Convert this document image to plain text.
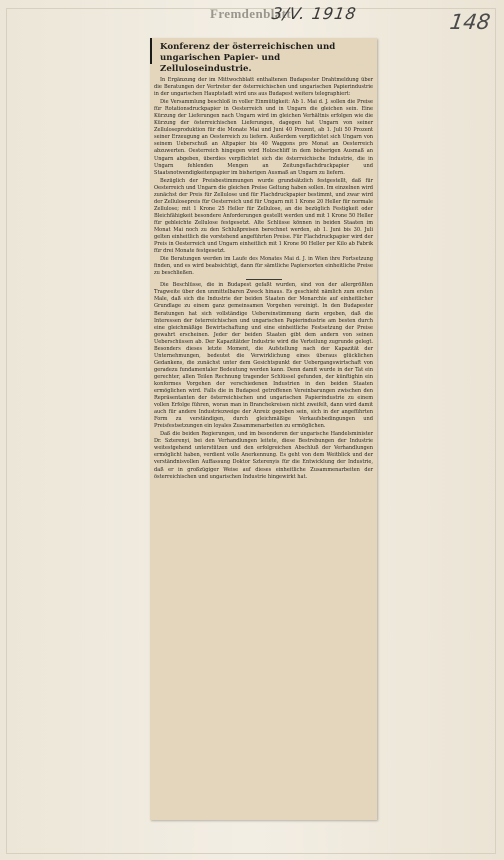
Fremdenblatt
3/V. 1918	148
Konferenz der österreichischen und ungarischen Papier- und Zelluloseindustrie.

In Ergänzung der im Mittwochblatt enthaltenen Budapester Drahtmeldung über die Beratungen der Vertreter der österreichischen und ungarischen Papierindustrie in der ungarischen Hauptstadt wird uns aus Budapest weiters telegraphiert:

Die Versammlung beschloß in voller Einmütigkeit: Ab 1. Mai d. J. sollen die Preise für Rotationsdruckpapier in Oesterreich und in Ungarn die gleichen sein. Eine Kürzung der Lieferungen nach Ungarn wird im gleichen Verhältnis erfolgen wie die Kürzung der österreichischen Lieferungen, dagegen hat Ungarn von seiner Zelluloseproduktion für die Monate Mai und Juni 40 Prozent, ab 1. Juli 50 Prozent seiner Erzeugung an Oesterreich zu liefern. Außerdem verpflichtet sich Ungarn von seinem Ueberschuß an Altpapier bis 40 Waggons pro Monat an Oesterreich abzuwerten. Oesterreich hingegen wird Holzschliff in dem bisherigen Ausmaß an Ungarn abgeben, überdies verpflichtet sich die österreichische Industrie, die in Ungarn fehlenden Mengen an Zeitungsflachdruckpapier und Staatsnotwendigkeitenpapier im bisherigen Ausmaß an Ungarn zu liefern.

Bezüglich der Preisbestimmungen wurde grundsätzlich festgestellt, daß für Oesterreich und Ungarn die gleichen Preise Geltung haben sollen. Im einzelnen wird zunächst der Preis für Zellulose und für Flachdruckpapier bestimmt, und zwar wird der Zellulosepreis für Oesterreich und für Ungarn mit 1 Krone 20 Heller für normale Zellulose; mit 1 Krone 25 Heller für Zellulose, an die bezüglich Festigkeit oder Bleichfähigkeit besondere Anforderungen gestellt werden und mit 1 Krone 50 Heller für gebleichte Zellulose festgesetzt. Alte Schlüsse können in beiden Staaten im Monat Mai noch zu den Schlußpreisen berechnet werden, ab 1. Juni bis 30. Juli gelten einheitlich die vorstehend angeführten Preise. Für Flachdruckpapier wird der Preis in Oesterreich und Ungarn einheitlich mit 1 Krone 90 Heller per Kilo ab Fabrik für drei Monate festgesetzt.

Die Beratungen werden im Laufe des Monates Mai d. J. in Wien ihre Fortsetzung finden, und es wird beabsichtigt, dann für sämtliche Papiersorten einheitliche Preise zu beschließen.

Die Beschlüsse, die in Budapest gefaßt wurden, sind von der allergrößten Tragweite über den unmittelbaren Zweck hinaus. Es geschieht nämlich zum ersten Male, daß sich die Industrie der beiden Staaten der Monarchie auf einheitlicher Grundlage zu einem ganz gemeinsamen Vorgehen vereinigt. In den Budapester Beratungen hat sich vollständige Uebereinstimmung darin ergeben, daß die Interessen der österreichischen und ungarischen Papierindustrie am besten durch eine gleichmäßige Bewirtschaftung und eine einheitliche Festsetzung der Preise gewahrt erscheinen. Jeder der beiden Staaten gibt dem andern von seinen Ueberschüssen ab. Der Kapazitätder Industrie wird die Verteilung zugrunde gelegt. Besonders dieses letzte Moment, die Aufstellung nach der Kapazität der Unternehmungen, bedeutet die Verwirklichung eines überaus glücklichen Gedankens, die zunächst unter dem Gesichtspunkt der Uebergangswirtschaft von geradezu fundamentaler Bedeutung werden kann. Denn damit wurde in der Tat ein gerechter, allen Teilen Rechnung tragender Schlüssel gefunden, der künftighin ein konformes Vorgehen der verschiedenen Industrien in den beiden Staaten ermöglichen wird. Falls die in Budapest getroffenen Vereinbarungen zwischen den Repräsentanten der österreichischen und ungarischen Papierindustrie zu einem vollen Erfolge führen, woran man in Branchekreisen nicht zweifelt, dann wird damit auch für andere Industriezweige der Anreiz gegeben sein, sich in der angeführten Form zu verständigen, durch gleichmäßige Verkaufsbedingungen und Preisfestsetzungen ein loyales Zusammenarbeiten zu ermöglichen.

Daß die beiden Regierungen, und im besonderen der ungarische Handelsminister Dr. Szterenyi, bei den Verhandlungen leitete, diese Bestrebungen der Industrie weitestgehend unterstützen und den erfolgreichen Abschluß der Verhandlungen ermöglicht haben, verdient volle Anerkennung. Es geht von dem Weitblick und der verständnisvollen Auffassung Doktor Szterenyis für die Entwicklung der Industrie, daß er in großzügiger Weise auf dieses einheitliche Zusammenarbeiten der österreichischen und ungarischen Industrie hingewirkt hat.
